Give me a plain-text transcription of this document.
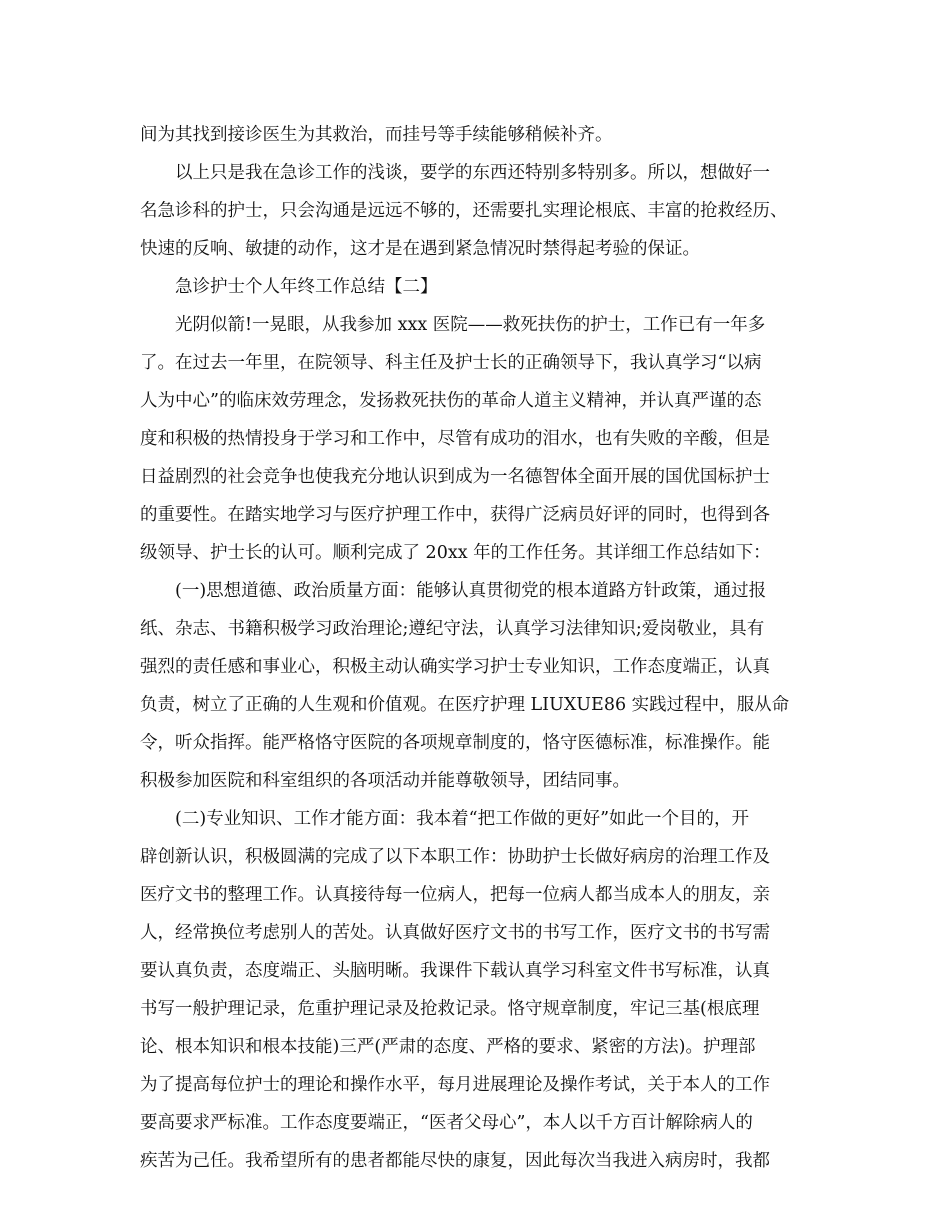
间为其找到接诊医生为其救治，而挂号等手续能够稍候补齐。
以上只是我在急诊工作的浅谈，要学的东西还特别多特别多。所以，想做好一
名急诊科的护士，只会沟通是远远不够的，还需要扎实理论根底、丰富的抢救经历、
快速的反响、敏捷的动作，这才是在遇到紧急情况时禁得起考验的保证。
急诊护士个人年终工作总结【二】
光阴似箭!一晃眼，从我参加 xxx 医院——救死扶伤的护士，工作已有一年多
了。在过去一年里，在院领导、科主任及护士长的正确领导下，我认真学习“以病
人为中心”的临床效劳理念，发扬救死扶伤的革命人道主义精神，并认真严谨的态
度和积极的热情投身于学习和工作中，尽管有成功的泪水，也有失败的辛酸，但是
日益剧烈的社会竞争也使我充分地认识到成为一名德智体全面开展的国优国标护士
的重要性。在踏实地学习与医疗护理工作中，获得广泛病员好评的同时，也得到各
级领导、护士长的认可。顺利完成了 20xx 年的工作任务。其详细工作总结如下：
(一)思想道德、政治质量方面：能够认真贯彻党的根本道路方针政策，通过报
纸、杂志、书籍积极学习政治理论;遵纪守法，认真学习法律知识;爱岗敬业，具有
强烈的责任感和事业心，积极主动认确实学习护士专业知识，工作态度端正，认真
负责，树立了正确的人生观和价值观。在医疗护理 LIUXUE86 实践过程中，服从命
令，听众指挥。能严格恪守医院的各项规章制度的，恪守医德标准，标准操作。能
积极参加医院和科室组织的各项活动并能尊敬领导，团结同事。
(二)专业知识、工作才能方面：我本着“把工作做的更好”如此一个目的，开
辟创新认识，积极圆满的完成了以下本职工作：协助护士长做好病房的治理工作及
医疗文书的整理工作。认真接待每一位病人，把每一位病人都当成本人的朋友，亲
人，经常换位考虑别人的苦处。认真做好医疗文书的书写工作，医疗文书的书写需
要认真负责，态度端正、头脑明晰。我课件下载认真学习科室文件书写标准，认真
书写一般护理记录，危重护理记录及抢救记录。恪守规章制度，牢记三基(根底理
论、根本知识和根本技能)三严(严肃的态度、严格的要求、紧密的方法)。护理部
为了提高每位护士的理论和操作水平，每月进展理论及操作考试，关于本人的工作
要高要求严标准。工作态度要端正，“医者父母心”，本人以千方百计解除病人的
疾苦为己任。我希望所有的患者都能尽快的康复，因此每次当我进入病房时，我都
